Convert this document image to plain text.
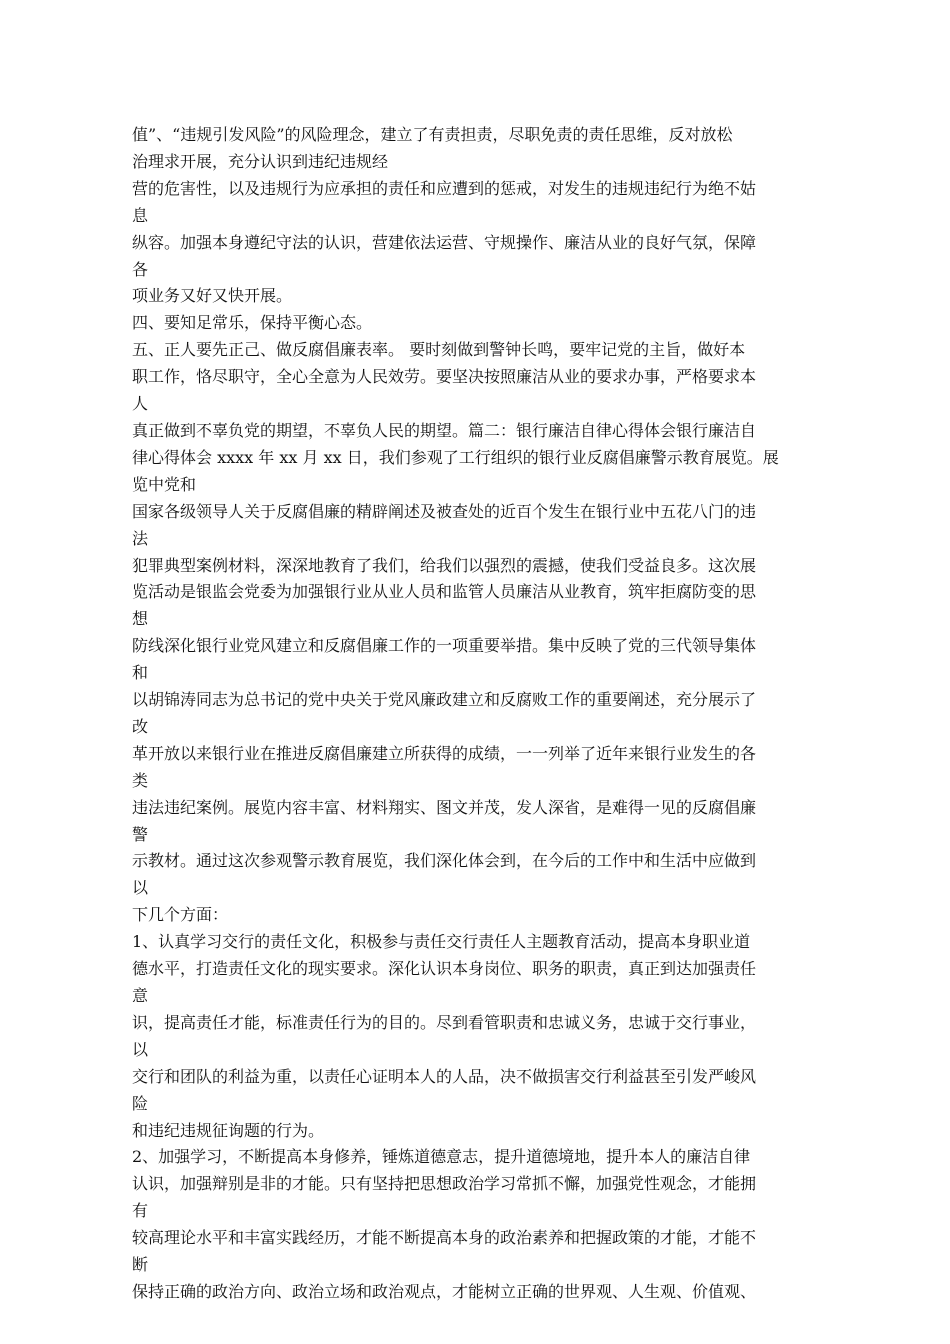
值”、“违规引发风险”的风险理念，建立了有责担责，尽职免责的责任思维，反对放松
治理求开展，充分认识到违纪违规经
营的危害性，以及违规行为应承担的责任和应遭到的惩戒，对发生的违规违纪行为绝不姑
息
纵容。加强本身遵纪守法的认识，营建依法运营、守规操作、廉洁从业的良好气氛，保障
各
项业务又好又快开展。
四、要知足常乐，保持平衡心态。
五、正人要先正己、做反腐倡廉表率。 要时刻做到警钟长鸣，要牢记党的主旨，做好本
职工作，恪尽职守，全心全意为人民效劳。要坚决按照廉洁从业的要求办事，严格要求本
人
真正做到不辜负党的期望，不辜负人民的期望。篇二：银行廉洁自律心得体会银行廉洁自
律心得体会 xxxx 年 xx 月 xx 日，我们参观了工行组织的银行业反腐倡廉警示教育展览。展
览中党和
国家各级领导人关于反腐倡廉的精辟阐述及被查处的近百个发生在银行业中五花八门的违
法
犯罪典型案例材料，深深地教育了我们，给我们以强烈的震撼，使我们受益良多。这次展
览活动是银监会党委为加强银行业从业人员和监管人员廉洁从业教育，筑牢拒腐防变的思
想
防线深化银行业党风建立和反腐倡廉工作的一项重要举措。集中反映了党的三代领导集体
和
以胡锦涛同志为总书记的党中央关于党风廉政建立和反腐败工作的重要阐述，充分展示了
改
革开放以来银行业在推进反腐倡廉建立所获得的成绩，一一列举了近年来银行业发生的各
类
违法违纪案例。展览内容丰富、材料翔实、图文并茂，发人深省，是难得一见的反腐倡廉
警
示教材。通过这次参观警示教育展览，我们深化体会到，在今后的工作中和生活中应做到
以
下几个方面：
1、认真学习交行的责任文化，积极参与责任交行责任人主题教育活动，提高本身职业道
德水平，打造责任文化的现实要求。深化认识本身岗位、职务的职责，真正到达加强责任
意
识，提高责任才能，标准责任行为的目的。尽到看管职责和忠诚义务，忠诚于交行事业，
以
交行和团队的利益为重，以责任心证明本人的人品，决不做损害交行利益甚至引发严峻风
险
和违纪违规征询题的行为。
2、加强学习，不断提高本身修养，锤炼道德意志，提升道德境地，提升本人的廉洁自律
认识，加强辩别是非的才能。只有坚持把思想政治学习常抓不懈，加强党性观念，才能拥
有
较高理论水平和丰富实践经历，才能不断提高本身的政治素养和把握政策的才能，才能不
断
保持正确的政治方向、政治立场和政治观点，才能树立正确的世界观、人生观、价值观、
